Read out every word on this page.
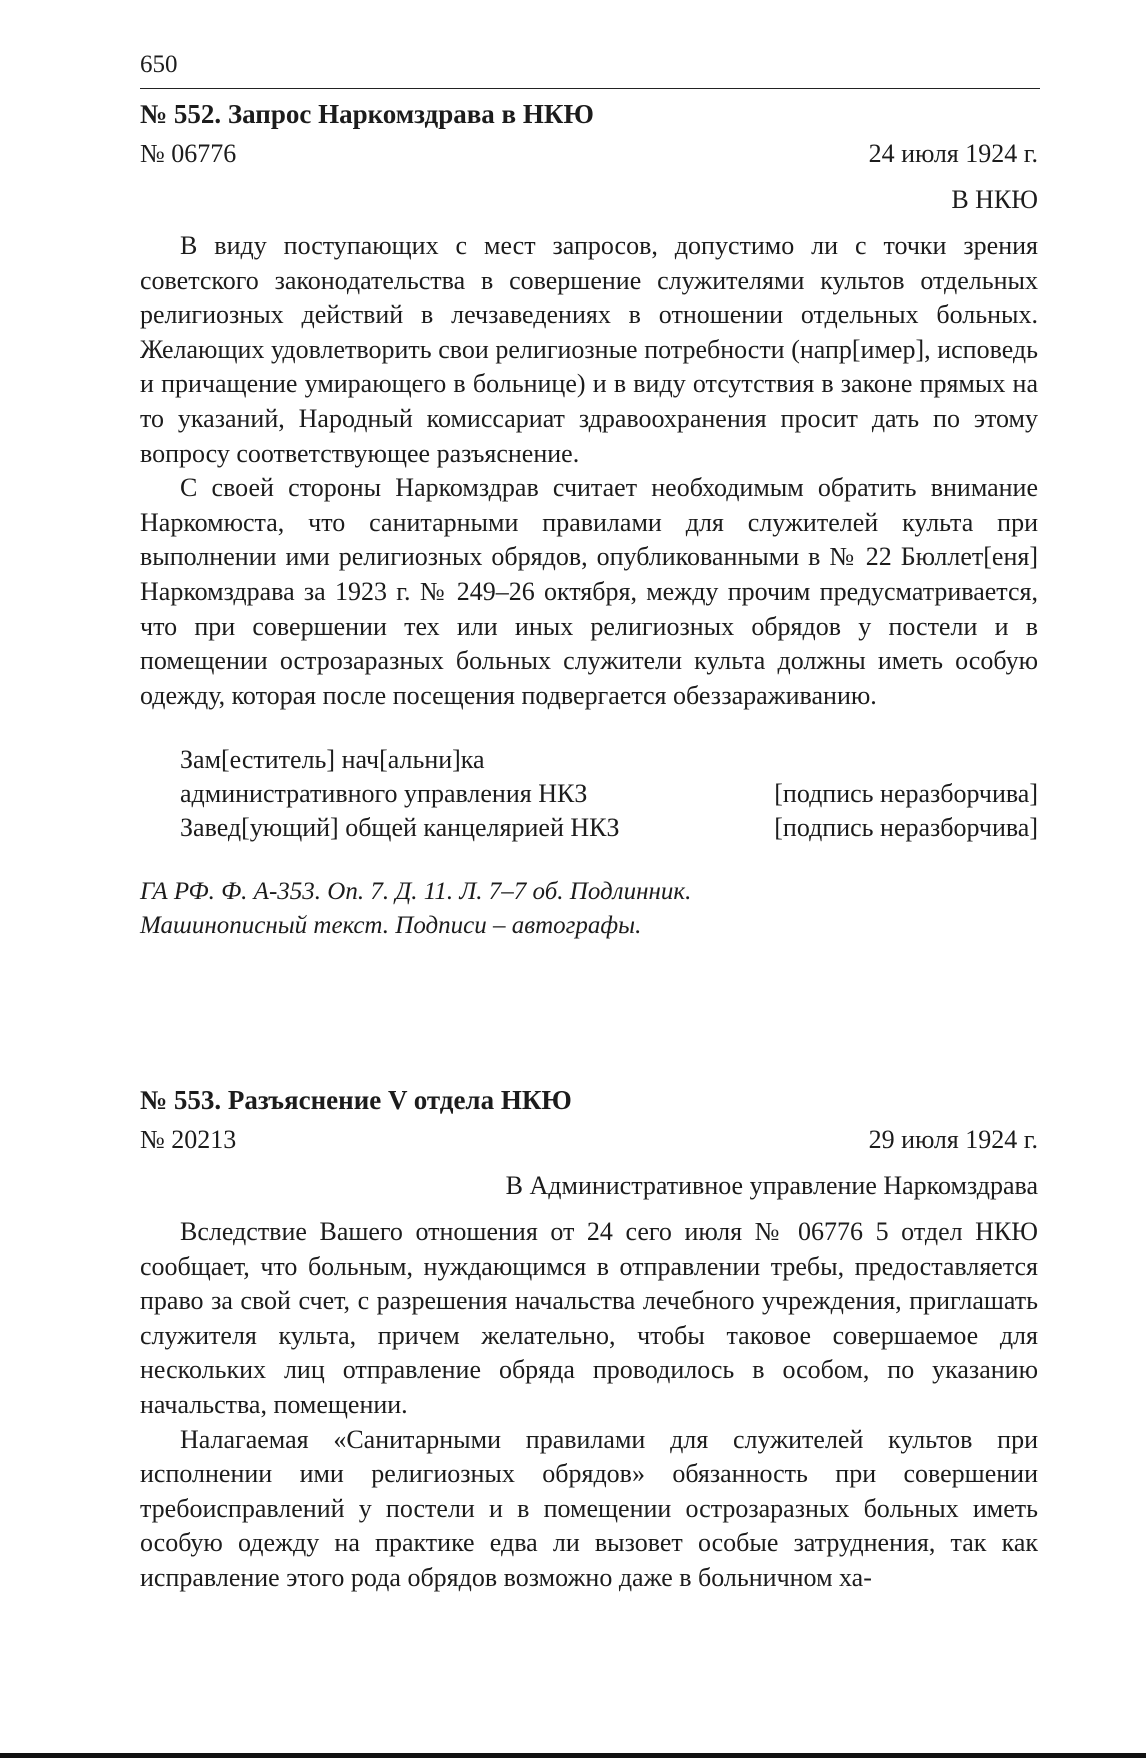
650
№ 552. Запрос Наркомздрава в НКЮ
№ 06776	24 июля 1924 г.
В НКЮ

В виду поступающих с мест запросов, допустимо ли с точки зрения советского законодательства в совершение служителями культов отдельных религиозных действий в лечзаведениях в отношении отдельных больных. Желающих удовлетворить свои религиозные потребности (напр[имер], исповедь и причащение умирающего в больнице) и в виду отсутствия в законе прямых на то указаний, Народный комиссариат здравоохранения просит дать по этому вопросу соответствующее разъяснение.

С своей стороны Наркомздрав считает необходимым обратить внимание Наркомюста, что санитарными правилами для служителей культа при выполнении ими религиозных обрядов, опубликованными в № 22 Бюллет[еня] Наркомздрава за 1923 г. № 249–26 октября, между прочим предусматривается, что при совершении тех или иных религиозных обрядов у постели и в помещении острозаразных больных служители культа должны иметь особую одежду, которая после посещения подвергается обеззараживанию.

Зам[еститель] нач[альни]ка
административного управления НКЗ	[подпись неразборчива]
Завед[ующий] общей канцелярией НКЗ	[подпись неразборчива]
ГА РФ. Ф. А-353. Оп. 7. Д. 11. Л. 7–7 об. Подлинник.
Машинописный текст. Подписи – автографы.
№ 553. Разъяснение V отдела НКЮ
№ 20213	29 июля 1924 г.
В Административное управление Наркомздрава

Вследствие Вашего отношения от 24 сего июля № 06776 5 отдел НКЮ сообщает, что больным, нуждающимся в отправлении требы, предоставляется право за свой счет, с разрешения начальства лечебного учреждения, приглашать служителя культа, причем желательно, чтобы таковое совершаемое для нескольких лиц отправление обряда проводилось в особом, по указанию начальства, помещении.

Налагаемая «Санитарными правилами для служителей культов при исполнении ими религиозных обрядов» обязанность при совершении требоисправлений у постели и в помещении острозаразных больных иметь особую одежду на практике едва ли вызовет особые затруднения, так как исправление этого рода обрядов возможно даже в больничном ха-
